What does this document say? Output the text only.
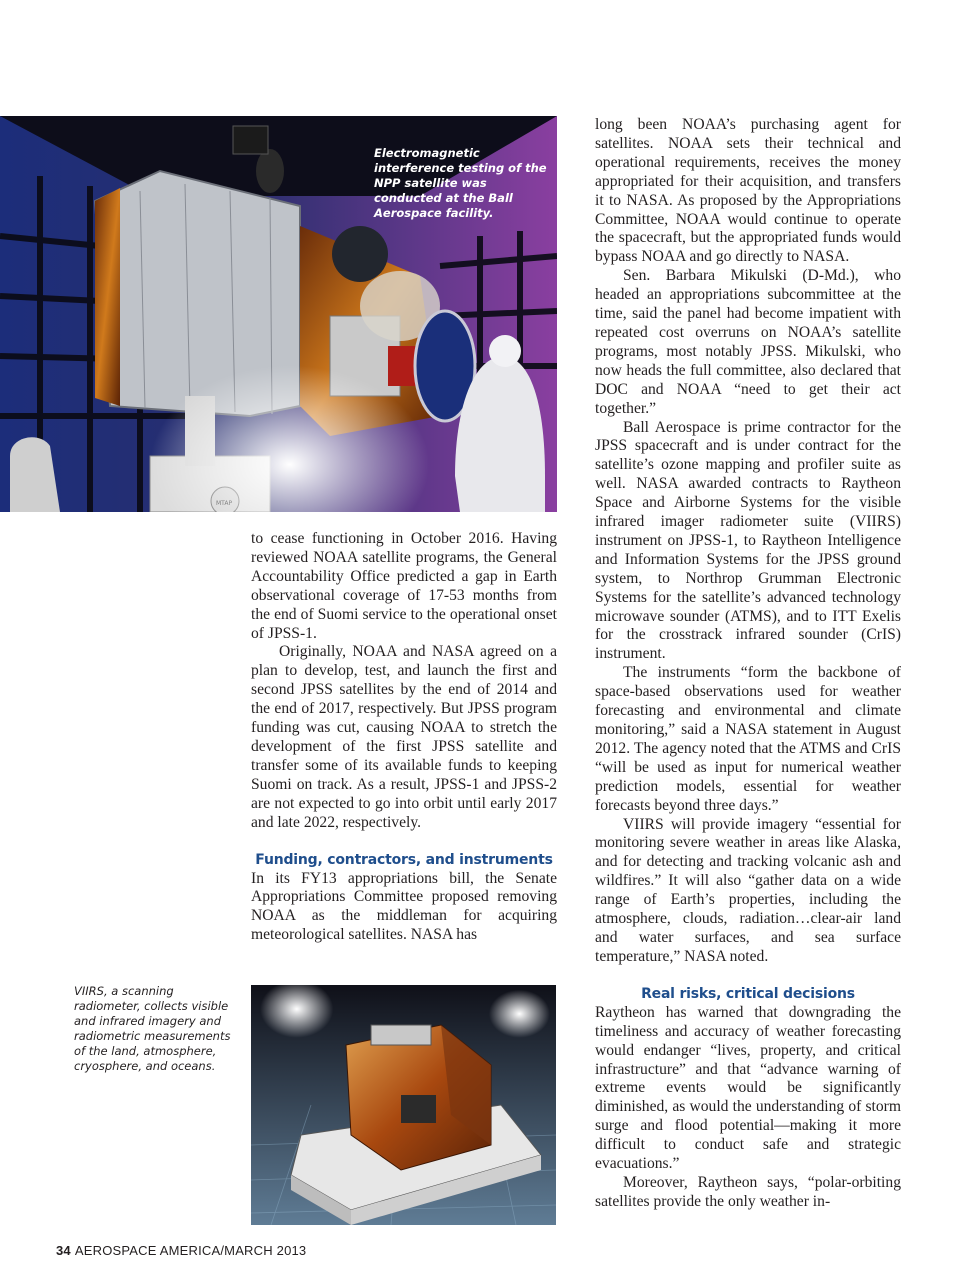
Electromagnetic interference testing of the NPP satellite was conducted at the Ball Aerospace facility.
VIIRS, a scanning radiometer, collects visible and infrared imagery and radiometric measurements of the land, atmosphere, cryosphere, and oceans.

to cease functioning in October 2016. Having reviewed NOAA satellite programs, the General Accountability Office predicted a gap in Earth observational coverage of 17-53 months from the end of Suomi service to the operational onset of JPSS-1.

Originally, NOAA and NASA agreed on a plan to develop, test, and launch the first and second JPSS satellites by the end of 2014 and the end of 2017, respectively. But JPSS program funding was cut, causing NOAA to stretch the development of the first JPSS satellite and transfer some of its available funds to keeping Suomi on track. As a result, JPSS-1 and JPSS-2 are not expected to go into orbit until early 2017 and late 2022, respectively.

Funding, contractors, and instruments

In its FY13 appropriations bill, the Senate Appropriations Committee proposed removing NOAA as the middleman for acquiring meteorological satellites. NASA has

long been NOAA’s purchasing agent for satellites. NOAA sets their technical and operational requirements, receives the money appropriated for their acquisition, and transfers it to NASA. As proposed by the Appropriations Committee, NOAA would continue to operate the spacecraft, but the appropriated funds would bypass NOAA and go directly to NASA.

Sen. Barbara Mikulski (D-Md.), who headed an appropriations subcommittee at the time, said the panel had become impatient with repeated cost overruns on NOAA’s satellite programs, most notably JPSS. Mikulski, who now heads the full committee, also declared that DOC and NOAA “need to get their act together.”

Ball Aerospace is prime contractor for the JPSS spacecraft and is under contract for the satellite’s ozone mapping and profiler suite as well. NASA awarded contracts to Raytheon Space and Airborne Systems for the visible infrared imager radiometer suite (VIIRS) instrument on JPSS-1, to Raytheon Intelligence and Information Systems for the JPSS ground system, to Northrop Grumman Electronic Systems for the satellite’s advanced technology microwave sounder (ATMS), and to ITT Exelis for the crosstrack infrared sounder (CrIS) instrument.

The instruments “form the backbone of space-based observations used for weather forecasting and environmental and climate monitoring,” said a NASA statement in August 2012. The agency noted that the ATMS and CrIS “will be used as input for numerical weather prediction models, essential for weather forecasts beyond three days.”

VIIRS will provide imagery “essential for monitoring severe weather in areas like Alaska, and for detecting and tracking volcanic ash and wildfires.” It will also “gather data on a wide range of Earth’s properties, including the atmosphere, clouds, radiation…clear-air land and water surfaces, and sea surface temperature,” NASA noted.

Real risks, critical decisions

Raytheon has warned that downgrading the timeliness and accuracy of weather forecasting would endanger “lives, property, and critical infrastructure” and that “advance warning of extreme events would be significantly diminished, as would the understanding of storm surge and flood potential—making it more difficult to conduct safe and strategic evacuations.”

Moreover, Raytheon says, “polar-orbiting satellites provide the only weather in-

34 AEROSPACE AMERICA/MARCH 2013
